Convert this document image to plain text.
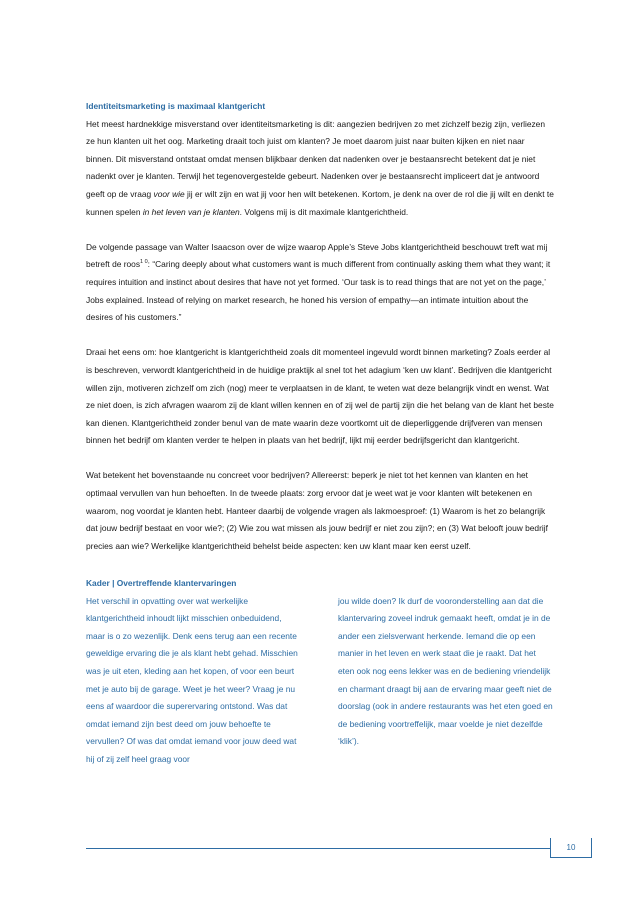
Identiteitsmarketing is maximaal klantgericht

Het meest hardnekkige misverstand over identiteitsmarketing is dit: aangezien bedrijven zo met zichzelf bezig zijn, verliezen ze hun klanten uit het oog. Marketing draait toch juist om klanten? Je moet daarom juist naar buiten kijken en niet naar binnen. Dit misverstand ontstaat omdat mensen blijkbaar denken dat nadenken over je bestaansrecht betekent dat je niet nadenkt over je klanten. Terwijl het tegenovergestelde gebeurt. Nadenken over je bestaansrecht impliceert dat je antwoord geeft op de vraag voor wie jij er wilt zijn en wat jij voor hen wilt betekenen. Kortom, je denk na over de rol die jij wilt en denkt te kunnen spelen in het leven van je klanten. Volgens mij is dit maximale klantgerichtheid.

De volgende passage van Walter Isaacson over de wijze waarop Apple’s Steve Jobs klantgerichtheid beschouwt treft wat mij betreft de roos$^{1 0}$: “Caring deeply about what customers want is much different from continually asking them what they want; it requires intuition and instinct about desires that have not yet formed. ‘Our task is to read things that are not yet on the page,’ Jobs explained. Instead of relying on market research, he honed his version of empathy—an intimate intuition about the desires of his customers.”

Draai het eens om: hoe klantgericht is klantgerichtheid zoals dit momenteel ingevuld wordt binnen marketing? Zoals eerder al is beschreven, verwordt klantgerichtheid in de huidige praktijk al snel tot het adagium ‘ken uw klant’. Bedrijven die klantgericht willen zijn, motiveren zichzelf om zich (nog) meer te verplaatsen in de klant, te weten wat deze belangrijk vindt en wenst. Wat ze niet doen, is zich afvragen waarom zij de klant willen kennen en of zij wel de partij zijn die het belang van de klant het beste kan dienen. Klantgerichtheid zonder benul van de mate waarin deze voortkomt uit de dieperliggende drijfveren van mensen binnen het bedrijf om klanten verder te helpen in plaats van het bedrijf, lijkt mij eerder bedrijfsgericht dan klantgericht.

Wat betekent het bovenstaande nu concreet voor bedrijven? Allereerst: beperk je niet tot het kennen van klanten en het optimaal vervullen van hun behoeften. In de tweede plaats: zorg ervoor dat je weet wat je voor klanten wilt betekenen en waarom, nog voordat je klanten hebt. Hanteer daarbij de volgende vragen als lakmoesproef: (1) Waarom is het zo belangrijk dat jouw bedrijf bestaat en voor wie?; (2) Wie zou wat missen als jouw bedrijf er niet zou zijn?; en (3) Wat belooft jouw bedrijf precies aan wie? Werkelijke klantgerichtheid behelst beide aspecten: ken uw klant maar ken eerst uzelf.

Kader | Overtreffende klantervaringen

Het verschil in opvatting over wat werkelijke klantgerichtheid inhoudt lijkt misschien onbeduidend, maar is o zo wezenlijk. Denk eens terug aan een recente geweldige ervaring die je als klant hebt gehad. Misschien was je uit eten, kleding aan het kopen, of voor een beurt met je auto bij de garage. Weet je het weer? Vraag je nu eens af waardoor die superervaring ontstond. Was dat omdat iemand zijn best deed om jouw behoefte te vervullen? Of was dat omdat iemand voor jouw deed wat hij of zij zelf heel graag voor

jou wilde doen? Ik durf de vooronderstelling aan dat die klantervaring zoveel indruk gemaakt heeft, omdat je in de ander een zielsverwant herkende. Iemand die op een manier in het leven en werk staat die je raakt. Dat het eten ook nog eens lekker was en de bediening vriendelijk en charmant draagt bij aan de ervaring maar geeft niet de doorslag (ook in andere restaurants was het eten goed en de bediening voortreffelijk, maar voelde je niet dezelfde ‘klik’).

10
